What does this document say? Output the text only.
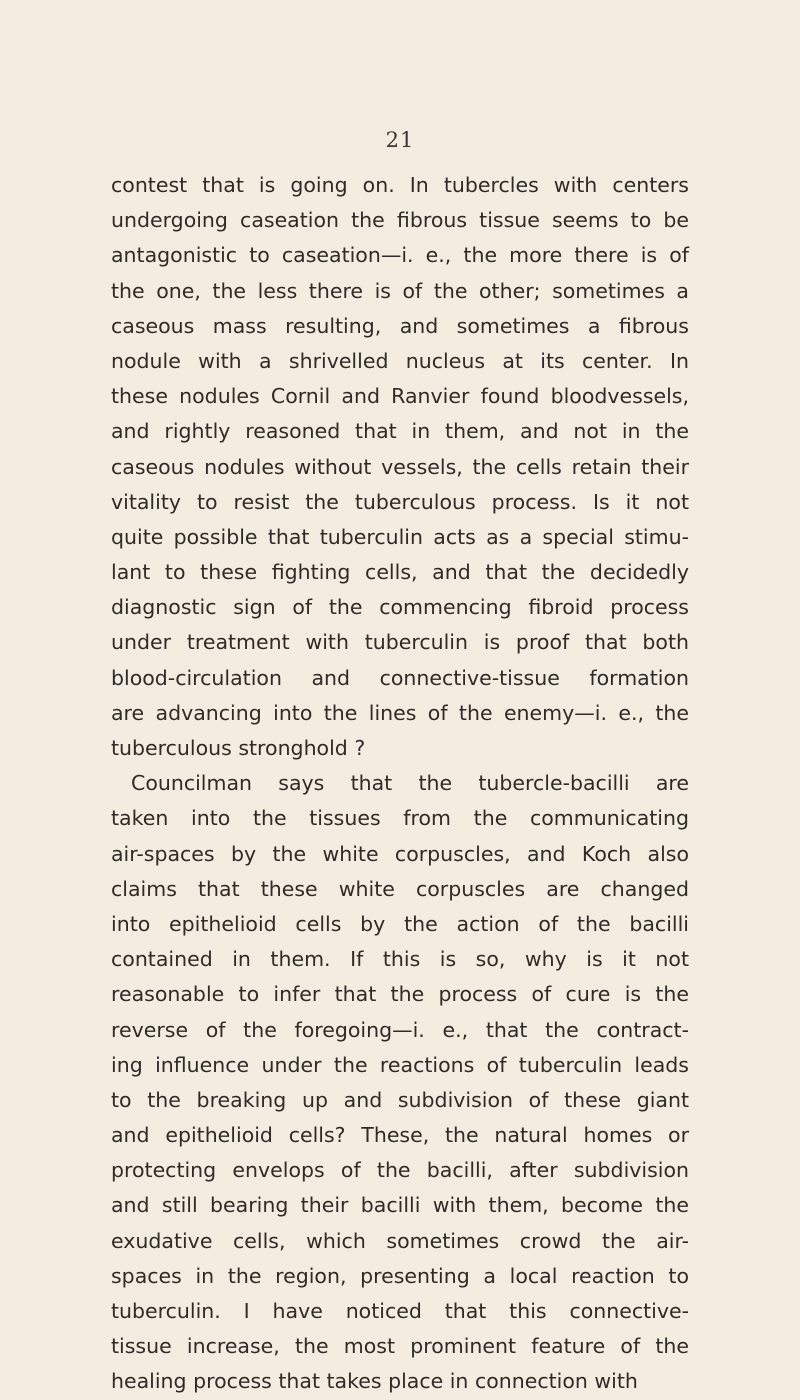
21
contest that is going on. In tubercles with centers
undergoing caseation the fibrous tissue seems to be
antagonistic to caseation—i. e., the more there is of
the one, the less there is of the other; sometimes a
caseous mass resulting, and sometimes a fibrous
nodule with a shrivelled nucleus at its center. In
these nodules Cornil and Ranvier found bloodvessels,
and rightly reasoned that in them, and not in the
caseous nodules without vessels, the cells retain their
vitality to resist the tuberculous process. Is it not
quite possible that tuberculin acts as a special stimu-
lant to these fighting cells, and that the decidedly
diagnostic sign of the commencing fibroid process
under treatment with tuberculin is proof that both
blood-circulation and connective-tissue formation
are advancing into the lines of the enemy—i. e., the
tuberculous stronghold ?
Councilman says that the tubercle-bacilli are
taken into the tissues from the communicating
air-spaces by the white corpuscles, and Koch also
claims that these white corpuscles are changed
into epithelioid cells by the action of the bacilli
contained in them. If this is so, why is it not
reasonable to infer that the process of cure is the
reverse of the foregoing—i. e., that the contract-
ing influence under the reactions of tuberculin leads
to the breaking up and subdivision of these giant
and epithelioid cells? These, the natural homes or
protecting envelops of the bacilli, after subdivision
and still bearing their bacilli with them, become the
exudative cells, which sometimes crowd the air-
spaces in the region, presenting a local reaction to
tuberculin. I have noticed that this connective-
tissue increase, the most prominent feature of the
healing process that takes place in connection with
